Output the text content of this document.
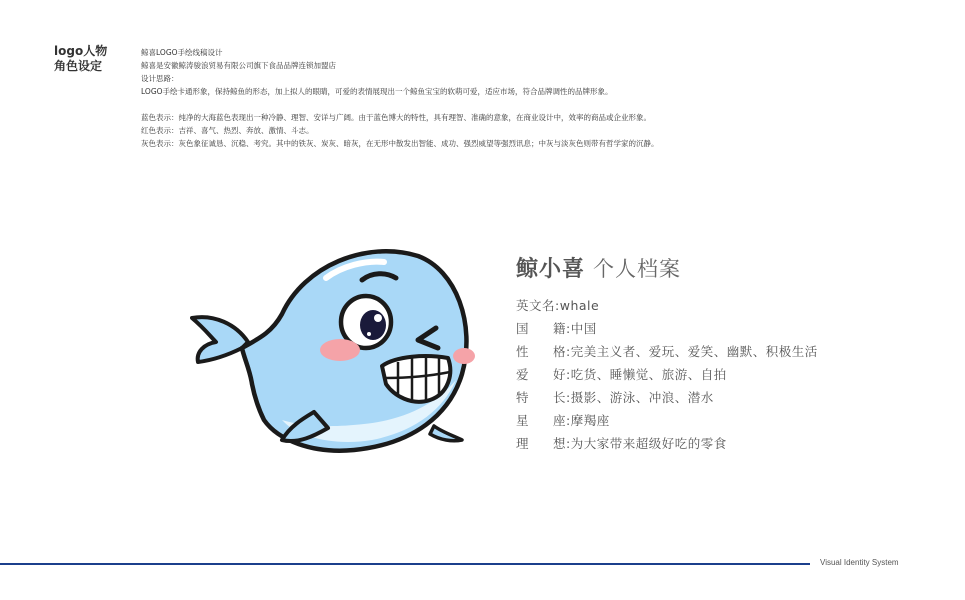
logo人物
角色设定
鲸喜LOGO手绘线稿设计
鲸喜是安徽鲸涛骏浪贸易有限公司旗下食品品牌连锁加盟店
设计思路：
LOGO手绘卡通形象，保持鲸鱼的形态，加上拟人的眼睛，可爱的表情展现出一个鲸鱼宝宝的软萌可爱，适应市场，符合品牌调性的品牌形象。
蓝色表示：纯净的大海蓝色表现出一种冷静、理智、安详与广阔。由于蓝色博大的特性，具有理智、准确的意象，在商业设计中，效率的商品或企业形象。
红色表示：吉祥、喜气、热烈、奔放、激情、斗志。
灰色表示：灰色象征诚恳、沉稳、考究。其中的铁灰、炭灰、暗灰，在无形中散发出智能、成功、强烈威望等强烈讯息；中灰与淡灰色则带有哲学家的沉静。
鲸小喜 个人档案
英文名:whale
国籍:中国
性格:完美主义者、爱玩、爱笑、幽默、积极生活
爱好:吃货、睡懒觉、旅游、自拍
特长:摄影、游泳、冲浪、潜水
星座:摩羯座
理想:为大家带来超级好吃的零食
Visual Identity System
